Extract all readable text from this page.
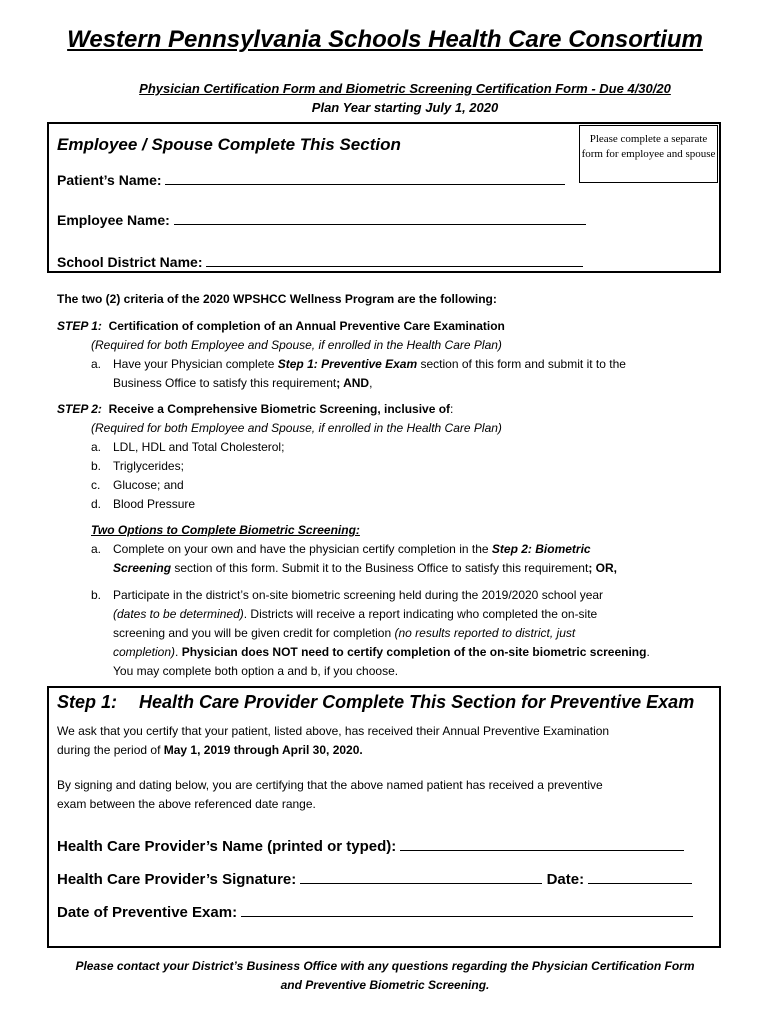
Western Pennsylvania Schools Health Care Consortium
Physician Certification Form and Biometric Screening Certification Form - Due 4/30/20
Plan Year starting July 1, 2020
Please complete a separate form for employee and spouse
Employee / Spouse Complete This Section
Patient’s Name:
Employee Name:
School District Name:
The two (2) criteria of the 2020 WPSHCC Wellness Program are the following:
STEP 1: Certification of completion of an Annual Preventive Care Examination
(Required for both Employee and Spouse, if enrolled in the Health Care Plan)
a. Have your Physician complete Step 1: Preventive Exam section of this form and submit it to the
Business Office to satisfy this requirement; AND,
STEP 2: Receive a Comprehensive Biometric Screening, inclusive of:
(Required for both Employee and Spouse, if enrolled in the Health Care Plan)
a. LDL, HDL and Total Cholesterol;
b. Triglycerides;
c. Glucose; and
d. Blood Pressure
Two Options to Complete Biometric Screening:
a. Complete on your own and have the physician certify completion in the Step 2: Biometric
Screening section of this form. Submit it to the Business Office to satisfy this requirement; OR,
b. Participate in the district’s on-site biometric screening held during the 2019/2020 school year
(dates to be determined). Districts will receive a report indicating who completed the on-site
screening and you will be given credit for completion (no results reported to district, just
completion). Physician does NOT need to certify completion of the on-site biometric screening.
You may complete both option a and b, if you choose.
Step 1: Health Care Provider Complete This Section for Preventive Exam
We ask that you certify that your patient, listed above, has received their Annual Preventive Examination
during the period of May 1, 2019 through April 30, 2020.
By signing and dating below, you are certifying that the above named patient has received a preventive
exam between the above referenced date range.
Health Care Provider’s Name (printed or typed):
Health Care Provider’s Signature:	Date:
Date of Preventive Exam:
Please contact your District’s Business Office with any questions regarding the Physician Certification Form
and Preventive Biometric Screening.
